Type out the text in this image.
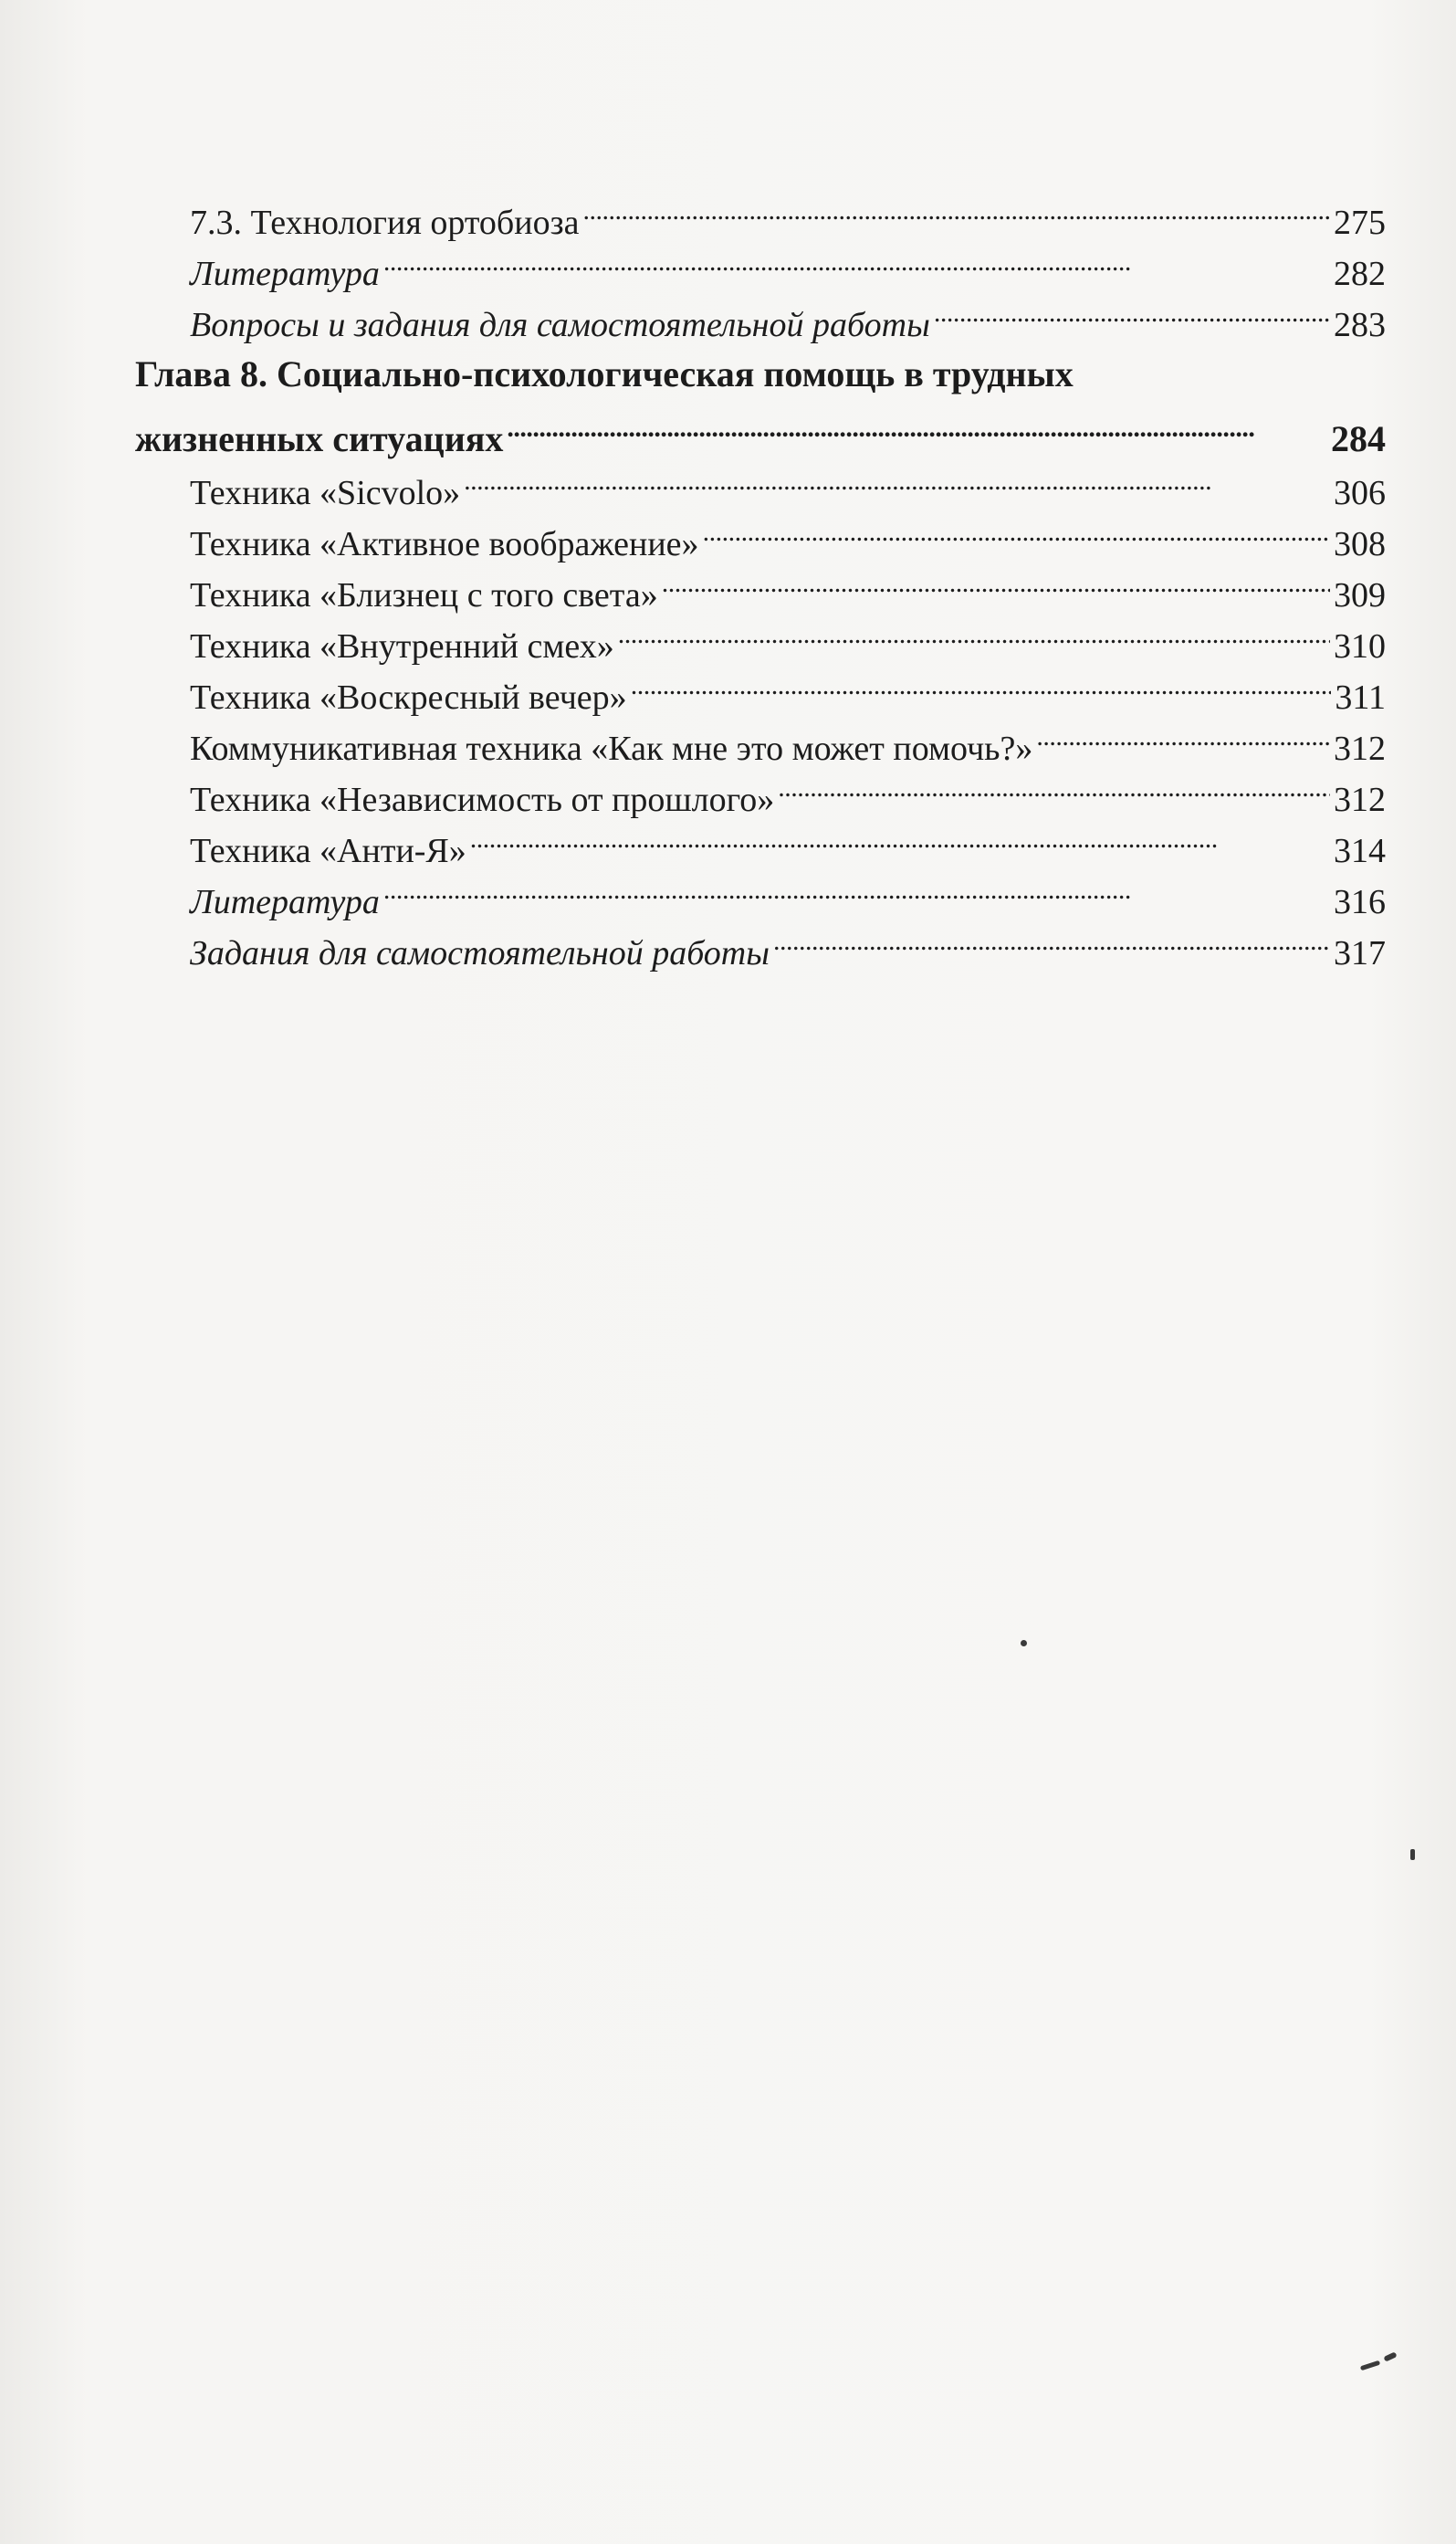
7.3. Технология ортобиоза . . .	275
Литература . . .	282
Вопросы и задания для самостоятельной работы . . .	283
Глава 8. Социально-психологическая помощь в трудных
жизненных ситуациях . . .	284
Техника «Sicvolo» . . .	306
Техника «Активное воображение» . . .	308
Техника «Близнец с того света» . . .	309
Техника «Внутренний смех» . . .	310
Техника «Воскресный вечер» . . .	311
Коммуникативная техника «Как мне это может помочь?» . . .	312
Техника «Независимость от прошлого» . . .	312
Техника «Анти-Я» . . .	314
Литература . . .	316
Задания для самостоятельной работы . . .	317
